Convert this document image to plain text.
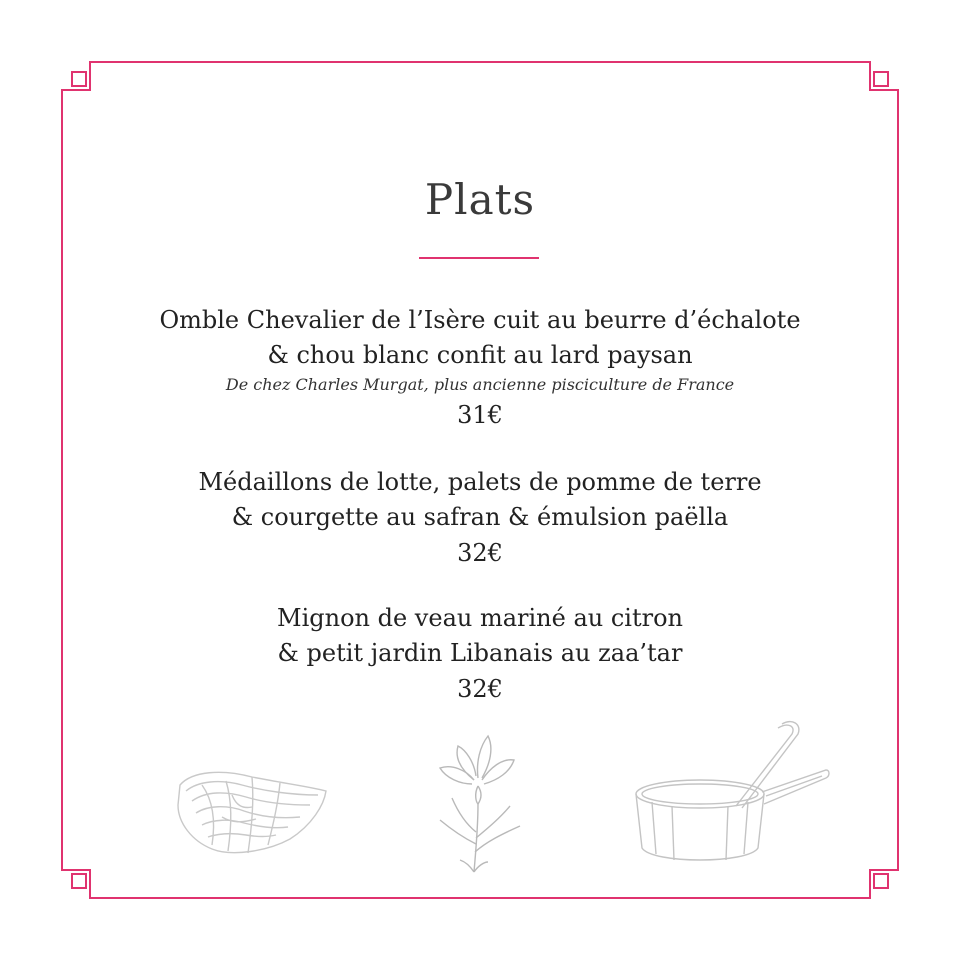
Plats
Omble Chevalier de l’Isère cuit au beurre d’échalote
& chou blanc confit au lard paysan
De chez Charles Murgat, plus ancienne pisciculture de France
31€
Médaillons de lotte, palets de pomme de terre
& courgette au safran & émulsion paëlla
32€
Mignon de veau mariné au citron
& petit jardin Libanais au zaa’tar
32€
